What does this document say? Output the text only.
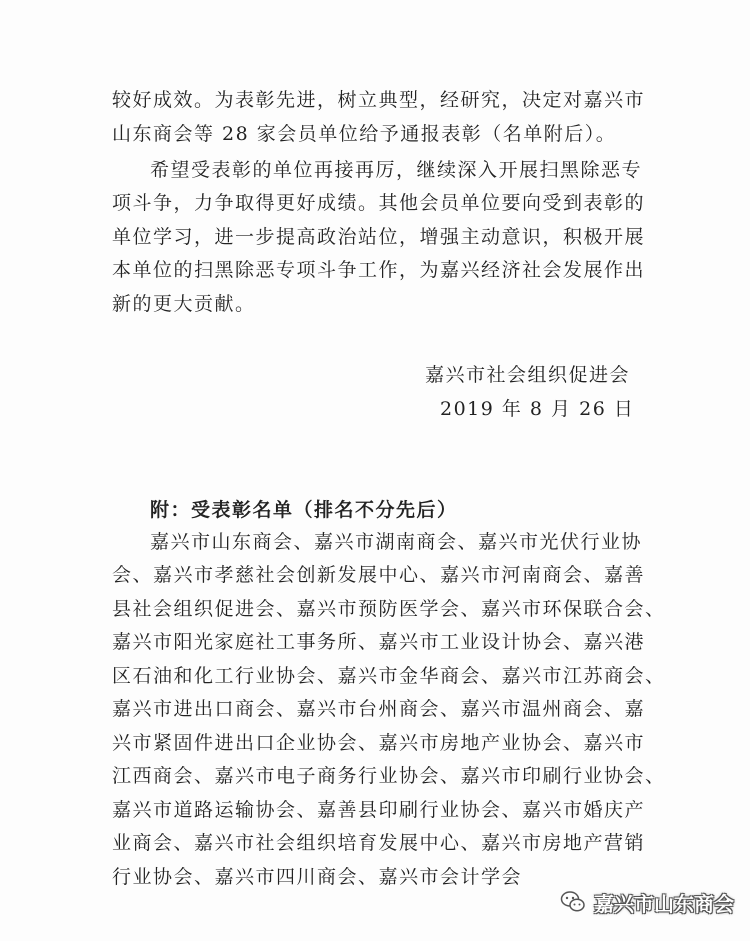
较好成效。为表彰先进，树立典型，经研究，决定对嘉兴市
山东商会等 28 家会员单位给予通报表彰（名单附后）。
希望受表彰的单位再接再厉，继续深入开展扫黑除恶专
项斗争，力争取得更好成绩。其他会员单位要向受到表彰的
单位学习，进一步提高政治站位，增强主动意识，积极开展
本单位的扫黑除恶专项斗争工作，为嘉兴经济社会发展作出
新的更大贡献。
嘉兴市社会组织促进会
2019 年 8 月 26 日
附：受表彰名单（排名不分先后）
嘉兴市山东商会、嘉兴市湖南商会、嘉兴市光伏行业协
会、嘉兴市孝慈社会创新发展中心、嘉兴市河南商会、嘉善
县社会组织促进会、嘉兴市预防医学会、嘉兴市环保联合会、
嘉兴市阳光家庭社工事务所、嘉兴市工业设计协会、嘉兴港
区石油和化工行业协会、嘉兴市金华商会、嘉兴市江苏商会、
嘉兴市进出口商会、嘉兴市台州商会、嘉兴市温州商会、嘉
兴市紧固件进出口企业协会、嘉兴市房地产业协会、嘉兴市
江西商会、嘉兴市电子商务行业协会、嘉兴市印刷行业协会、
嘉兴市道路运输协会、嘉善县印刷行业协会、嘉兴市婚庆产
业商会、嘉兴市社会组织培育发展中心、嘉兴市房地产营销
行业协会、嘉兴市四川商会、嘉兴市会计学会
嘉兴市山东商会
